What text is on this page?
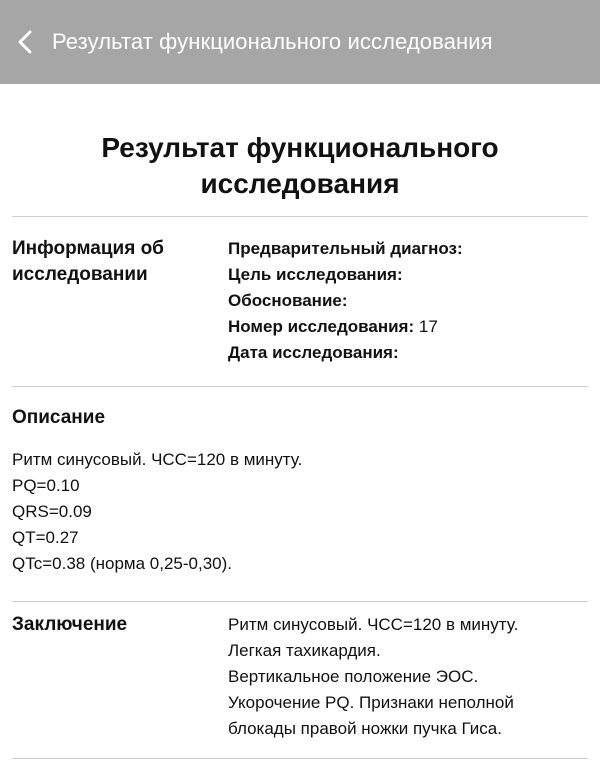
Результат функционального исследования
Результат функционального
исследования
Информация об
исследовании
Предварительный диагноз:
Цель исследования:
Обоснование:
Номер исследования: 17
Дата исследования:
Описание
Ритм синусовый. ЧСС=120 в минуту.
PQ=0.10
QRS=0.09
QT=0.27
QTc=0.38 (норма 0,25-0,30).
Заключение	Ритм синусовый. ЧСС=120 в минуту.
Легкая тахикардия.
Вертикальное положение ЭОС.
Укорочение PQ. Признаки неполной
блокады правой ножки пучка Гиса.
